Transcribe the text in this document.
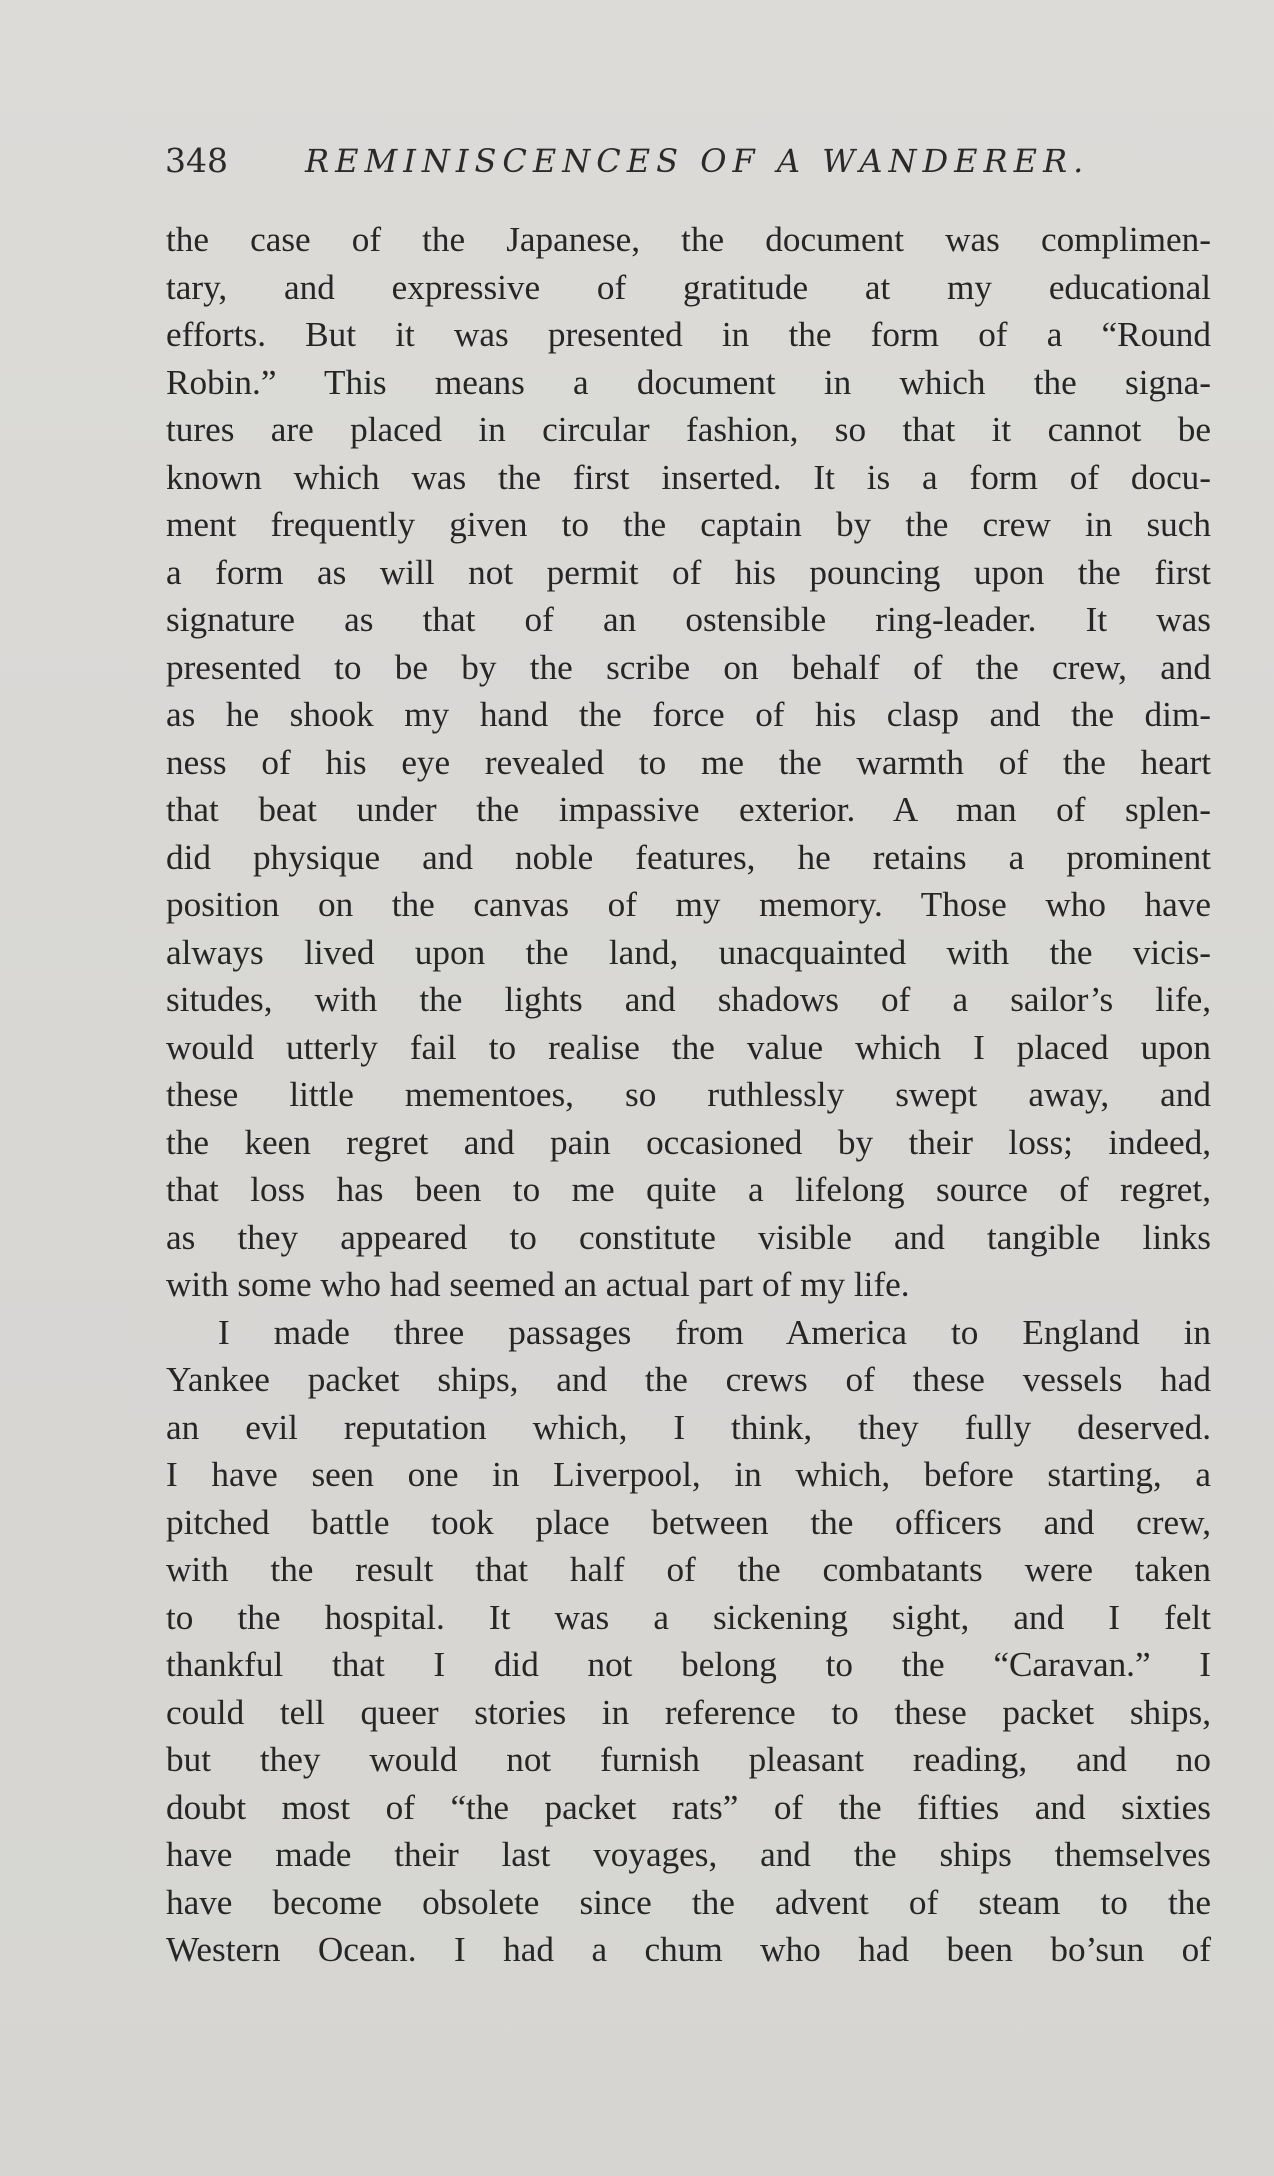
348 REMINISCENCES OF A WANDERER.
the case of the Japanese, the document was complimen-
tary, and expressive of gratitude at my educational
efforts. But it was presented in the form of a “Round
Robin.” This means a document in which the signa-
tures are placed in circular fashion, so that it cannot be
known which was the first inserted. It is a form of docu-
ment frequently given to the captain by the crew in such
a form as will not permit of his pouncing upon the first
signature as that of an ostensible ring-leader. It was
presented to be by the scribe on behalf of the crew, and
as he shook my hand the force of his clasp and the dim-
ness of his eye revealed to me the warmth of the heart
that beat under the impassive exterior. A man of splen-
did physique and noble features, he retains a prominent
position on the canvas of my memory. Those who have
always lived upon the land, unacquainted with the vicis-
situdes, with the lights and shadows of a sailor’s life,
would utterly fail to realise the value which I placed upon
these little mementoes, so ruthlessly swept away, and
the keen regret and pain occasioned by their loss; indeed,
that loss has been to me quite a lifelong source of regret,
as they appeared to constitute visible and tangible links
with some who had seemed an actual part of my life.
I made three passages from America to England in
Yankee packet ships, and the crews of these vessels had
an evil reputation which, I think, they fully deserved.
I have seen one in Liverpool, in which, before starting, a
pitched battle took place between the officers and crew,
with the result that half of the combatants were taken
to the hospital. It was a sickening sight, and I felt
thankful that I did not belong to the “Caravan.” I
could tell queer stories in reference to these packet ships,
but they would not furnish pleasant reading, and no
doubt most of “the packet rats” of the fifties and sixties
have made their last voyages, and the ships themselves
have become obsolete since the advent of steam to the
Western Ocean. I had a chum who had been bo’sun of
